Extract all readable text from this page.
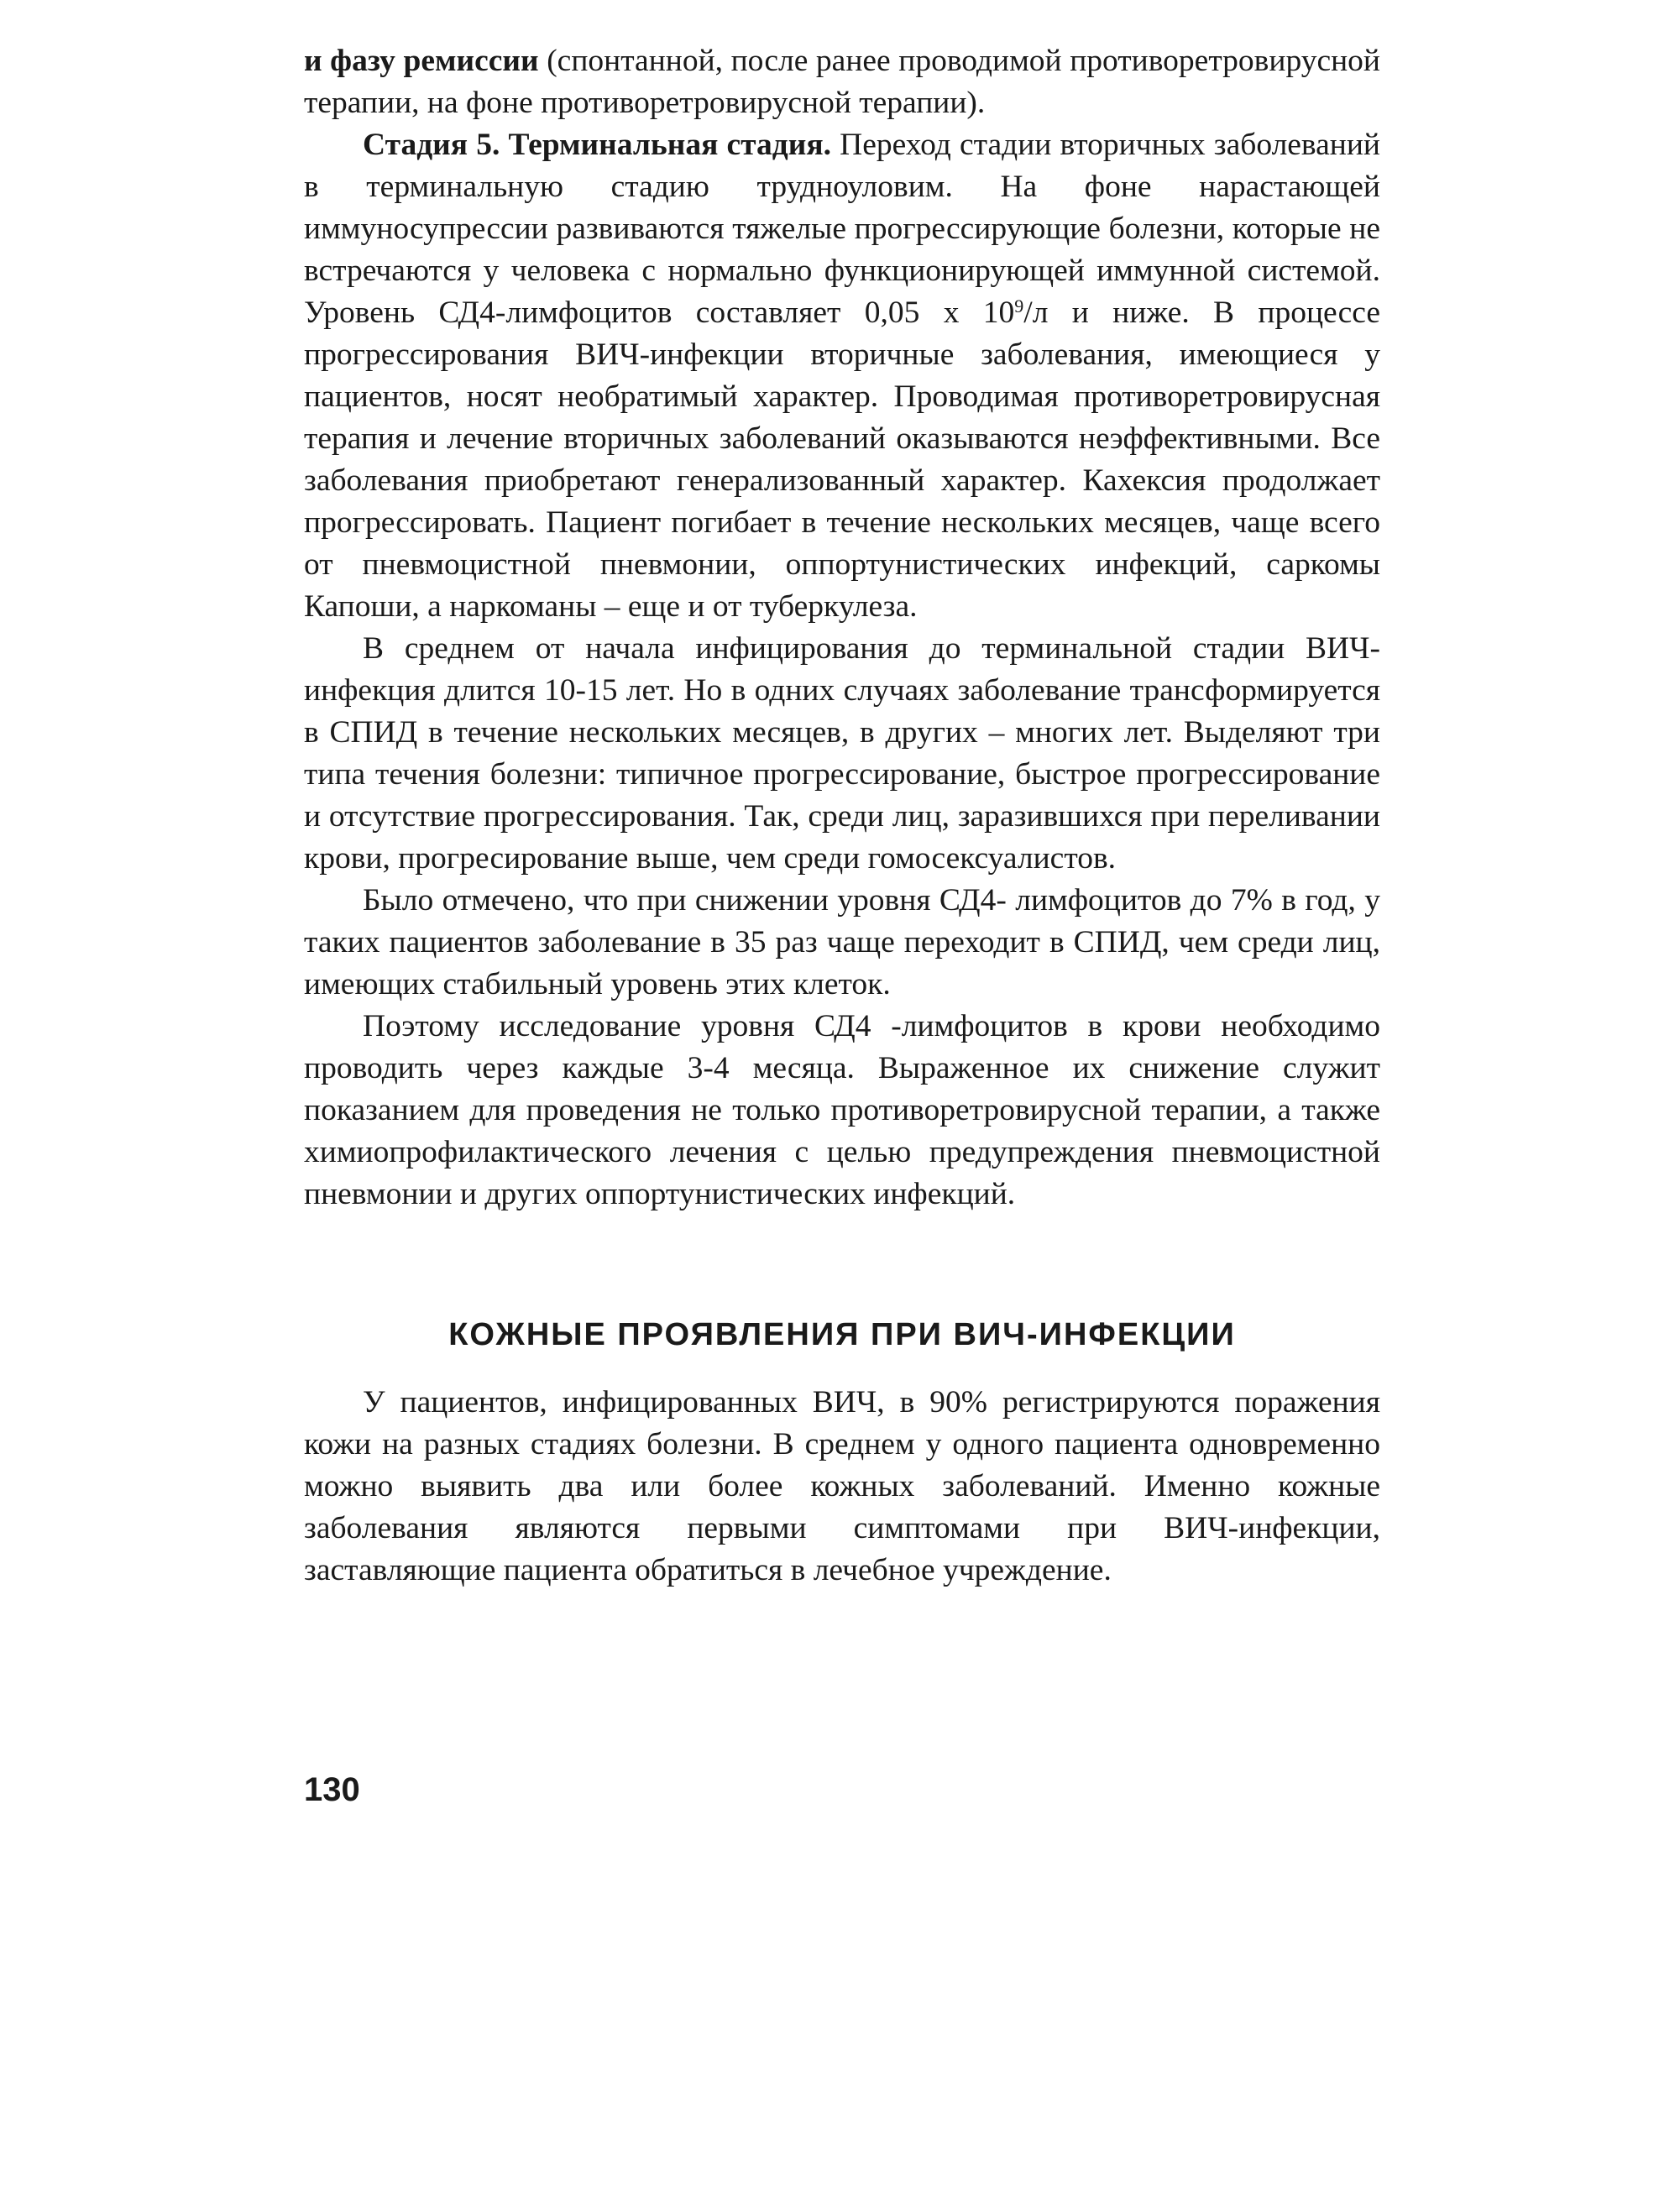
и фазу ремиссии (спонтанной, после ранее проводимой противоретровирусной терапии, на фоне противоретровирусной терапии).

Стадия 5. Терминальная стадия. Переход стадии вторичных заболеваний в терминальную стадию трудноуловим. На фоне нарастающей иммуносупрессии развиваются тяжелые прогрессирующие болезни, которые не встречаются у человека с нормально функционирующей иммунной системой. Уровень СД4-лимфоцитов составляет 0,05 х $10^9/л$ и ниже. В процессе прогрессирования ВИЧ-инфекции вторичные заболевания, имеющиеся у пациентов, носят необратимый характер. Проводимая противоретровирусная терапия и лечение вторичных заболеваний оказываются неэффективными. Все заболевания приобретают генерализованный характер. Кахексия продолжает прогрессировать. Пациент погибает в течение нескольких месяцев, чаще всего от пневмоцистной пневмонии, оппортунистических инфекций, саркомы Капоши, а наркоманы – еще и от туберкулеза.

В среднем от начала инфицирования до терминальной стадии ВИЧ-инфекция длится 10-15 лет. Но в одних случаях заболевание трансформируется в СПИД в течение нескольких месяцев, в других – многих лет. Выделяют три типа течения болезни: типичное прогрессирование, быстрое прогрессирование и отсутствие прогрессирования. Так, среди лиц, заразившихся при переливании крови, прогресирование выше, чем среди гомосексуалистов.

Было отмечено, что при снижении уровня СД4- лимфоцитов до 7% в год, у таких пациентов заболевание в 35 раз чаще переходит в СПИД, чем среди лиц, имеющих стабильный уровень этих клеток.

Поэтому исследование уровня СД4 -лимфоцитов в крови необходимо проводить через каждые 3-4 месяца. Выраженное их снижение служит показанием для проведения не только противоретровирусной терапии, а также химиопрофилактического лечения с целью предупреждения пневмоцистной пневмонии и других оппортунистических инфекций.

КОЖНЫЕ ПРОЯВЛЕНИЯ ПРИ ВИЧ-ИНФЕКЦИИ

У пациентов, инфицированных ВИЧ, в 90% регистрируются поражения кожи на разных стадиях болезни. В среднем у одного пациента одновременно можно выявить два или более кожных заболеваний. Именно кожные заболевания являются первыми симптомами при ВИЧ-инфекции, заставляющие пациента обратиться в лечебное учреждение.

130
